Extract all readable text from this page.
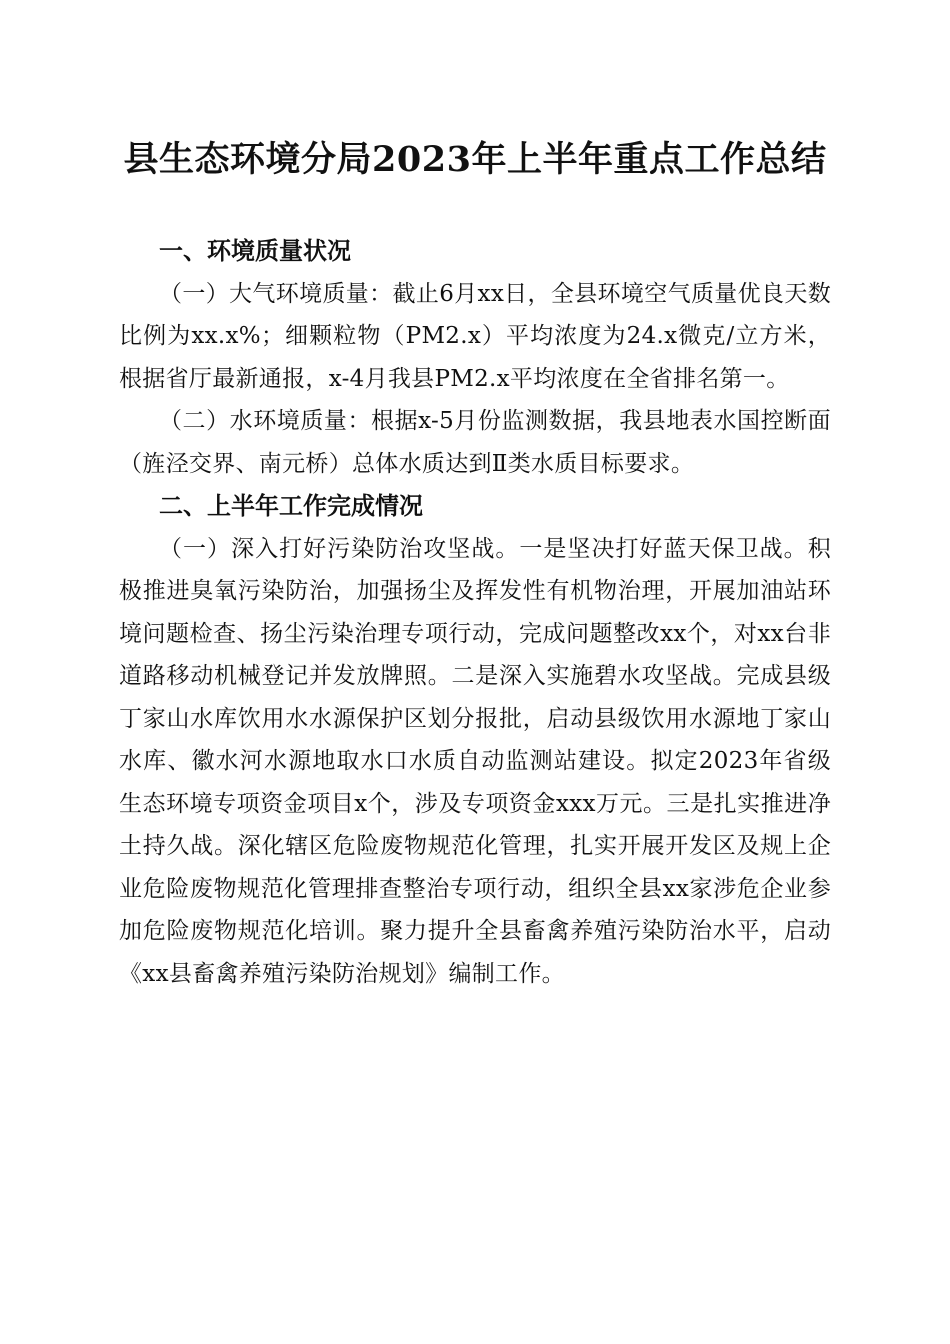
县生态环境分局2023年上半年重点工作总结
一、环境质量状况

（一）大气环境质量：截止6月xx日，全县环境空气质量优良天数比例为xx.x%；细颗粒物（PM2.x）平均浓度为24.x微克/立方米，根据省厅最新通报，x-4月我县PM2.x平均浓度在全省排名第一。

（二）水环境质量：根据x-5月份监测数据，我县地表水国控断面（旌泾交界、南元桥）总体水质达到Ⅱ类水质目标要求。

二、上半年工作完成情况

（一）深入打好污染防治攻坚战。一是坚决打好蓝天保卫战。积极推进臭氧污染防治，加强扬尘及挥发性有机物治理，开展加油站环境问题检查、扬尘污染治理专项行动，完成问题整改xx个，对xx台非道路移动机械登记并发放牌照。二是深入实施碧水攻坚战。完成县级丁家山水库饮用水水源保护区划分报批，启动县级饮用水源地丁家山水库、徽水河水源地取水口水质自动监测站建设。拟定2023年省级生态环境专项资金项目x个，涉及专项资金xxx万元。三是扎实推进净土持久战。深化辖区危险废物规范化管理，扎实开展开发区及规上企业危险废物规范化管理排查整治专项行动，组织全县xx家涉危企业参加危险废物规范化培训。聚力提升全县畜禽养殖污染防治水平，启动《xx县畜禽养殖污染防治规划》编制工作。
